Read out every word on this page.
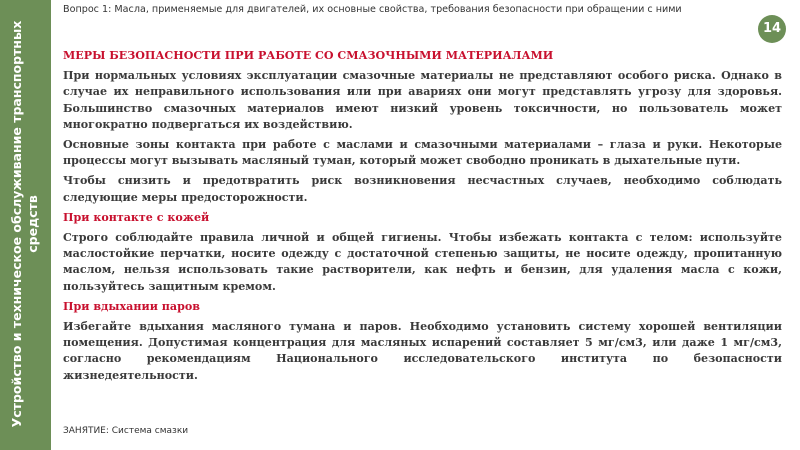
Устройство и техническое обслуживание транспортных средств
Вопрос 1: Масла, применяемые для двигателей, их основные свойства, требования безопасности при обращении с ними
14

МЕРЫ БЕЗОПАСНОСТИ ПРИ РАБОТЕ СО СМАЗОЧНЫМИ МАТЕРИАЛАМИ

При нормальных условиях эксплуатации смазочные материалы не представляют особого риска. Однако в случае их неправильного использования или при авариях они могут представлять угрозу для здоровья. Большинство смазочных материалов имеют низкий уровень токсичности, но пользователь может многократно подвергаться их воздействию.

Основные зоны контакта при работе с маслами и смазочными материалами – глаза и руки. Некоторые процессы могут вызывать масляный туман, который может свободно проникать в дыхательные пути.

Чтобы снизить и предотвратить риск возникновения несчастных случаев, необходимо соблюдать следующие меры предосторожности.

При контакте с кожей

Строго соблюдайте правила личной и общей гигиены. Чтобы избежать контакта с телом: используйте маслостойкие перчатки, носите одежду с достаточной степенью защиты, не носите одежду, пропитанную маслом, нельзя использовать такие растворители, как нефть и бензин, для удаления масла с кожи, пользуйтесь защитным кремом.

При вдыхании паров

Избегайте вдыхания масляного тумана и паров. Необходимо установить систему хорошей вентиляции помещения. Допустимая концентрация для масляных испарений составляет 5 мг/см3, или даже 1 мг/см3, согласно рекомендациям Национального исследовательского института по безопасности жизнедеятельности.

ЗАНЯТИЕ: Система смазки
